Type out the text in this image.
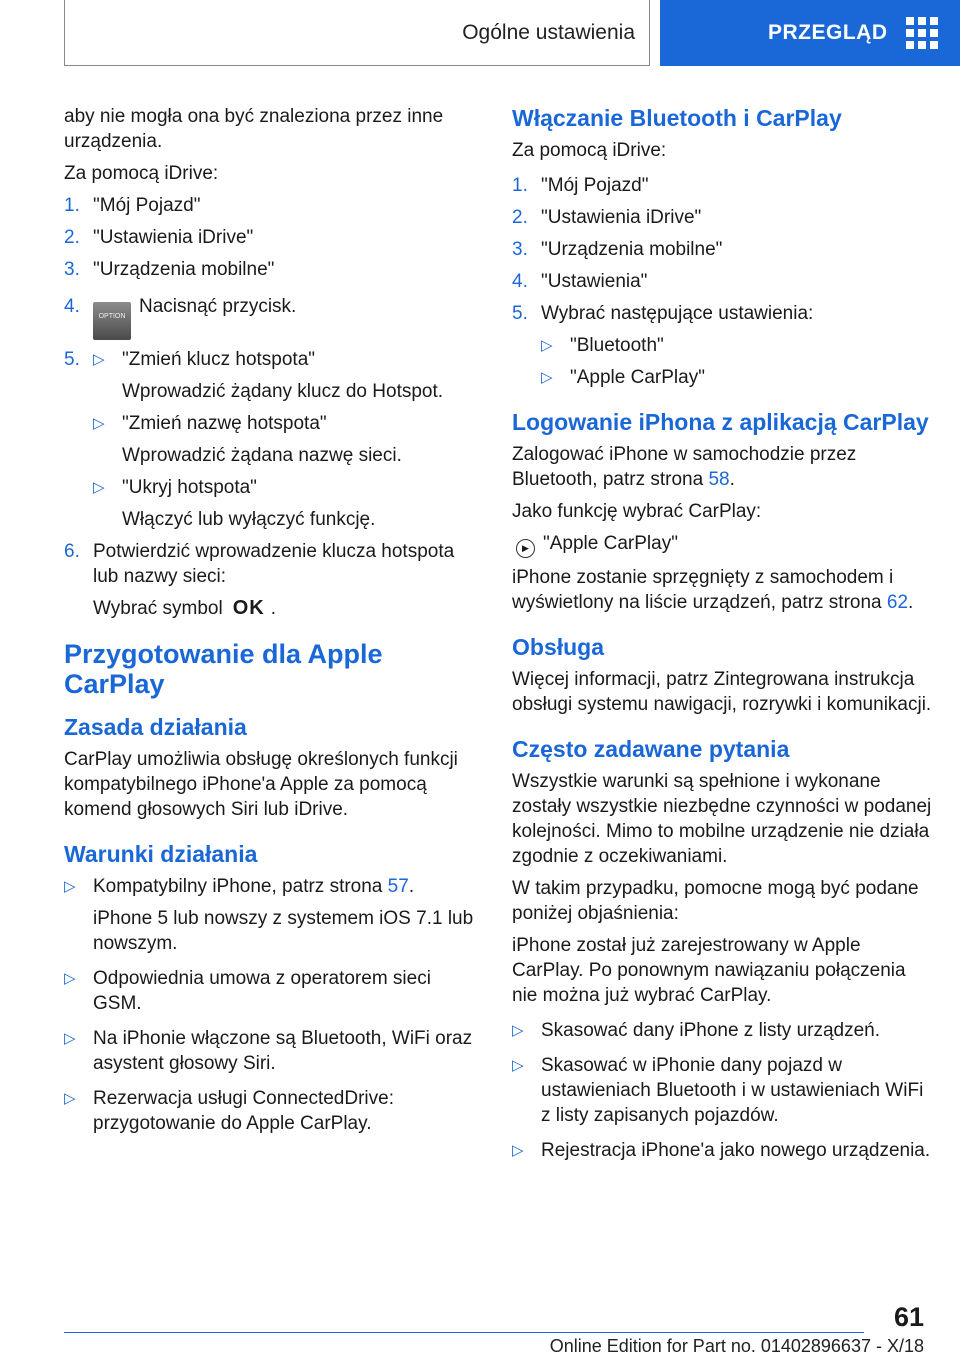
Ogólne ustawienia	PRZEGLĄD

aby nie mogła ona być znaleziona przez inne urządzenia.

Za pomocą iDrive:

1. "Mój Pojazd"
2. "Ustawienia iDrive"
3. "Urządzenia mobilne"
4.	OPTION Nacisnąć przycisk.
5. ▷ "Zmień klucz hotspota"

Wprowadzić żądany klucz do Hotspot.

▷ "Zmień nazwę hotspota"

Wprowadzić żądana nazwę sieci.

▷ "Ukryj hotspota"

Włączyć lub wyłączyć funkcję.

6. Potwierdzić wprowadzenie klucza hotspota lub nazwy sieci:

Wybrać symbol OK .

Przygotowanie dla Apple CarPlay
Zasada działania

CarPlay umożliwia obsługę określonych funkcji kompatybilnego iPhone'a Apple za pomocą komend głosowych Siri lub iDrive.

Warunki działania
▷ Kompatybilny iPhone, patrz strona 57.

iPhone 5 lub nowszy z systemem iOS 7.1 lub nowszym.

▷ Odpowiednia umowa z operatorem sieci GSM.
▷ Na iPhonie włączone są Bluetooth, WiFi oraz asystent głosowy Siri.
▷ Rezerwacja usługi ConnectedDrive: przygotowanie do Apple CarPlay.
Włączanie Bluetooth i CarPlay

Za pomocą iDrive:

1. "Mój Pojazd"
2. "Ustawienia iDrive"
3. "Urządzenia mobilne"
4. "Ustawienia"
5. Wybrać następujące ustawienia:
▷ "Bluetooth"
▷ "Apple CarPlay"
Logowanie iPhona z aplikacją CarPlay

Zalogować iPhone w samochodzie przez Bluetooth, patrz strona 58.

Jako funkcję wybrać CarPlay:

▶ "Apple CarPlay"

iPhone zostanie sprzęgnięty z samochodem i wyświetlony na liście urządzeń, patrz strona 62.

Obsługa

Więcej informacji, patrz Zintegrowana instrukcja obsługi systemu nawigacji, rozrywki i komunikacji.

Często zadawane pytania

Wszystkie warunki są spełnione i wykonane zostały wszystkie niezbędne czynności w podanej kolejności. Mimo to mobilne urządzenie nie działa zgodnie z oczekiwaniami.

W takim przypadku, pomocne mogą być podane poniżej objaśnienia:

iPhone został już zarejestrowany w Apple CarPlay. Po ponownym nawiązaniu połączenia nie można już wybrać CarPlay.

▷ Skasować dany iPhone z listy urządzeń.
▷ Skasować w iPhonie dany pojazd w ustawieniach Bluetooth i w ustawieniach WiFi z listy zapisanych pojazdów.
▷ Rejestracja iPhone'a jako nowego urządzenia.
61
Online Edition for Part no. 01402896637 - X/18
